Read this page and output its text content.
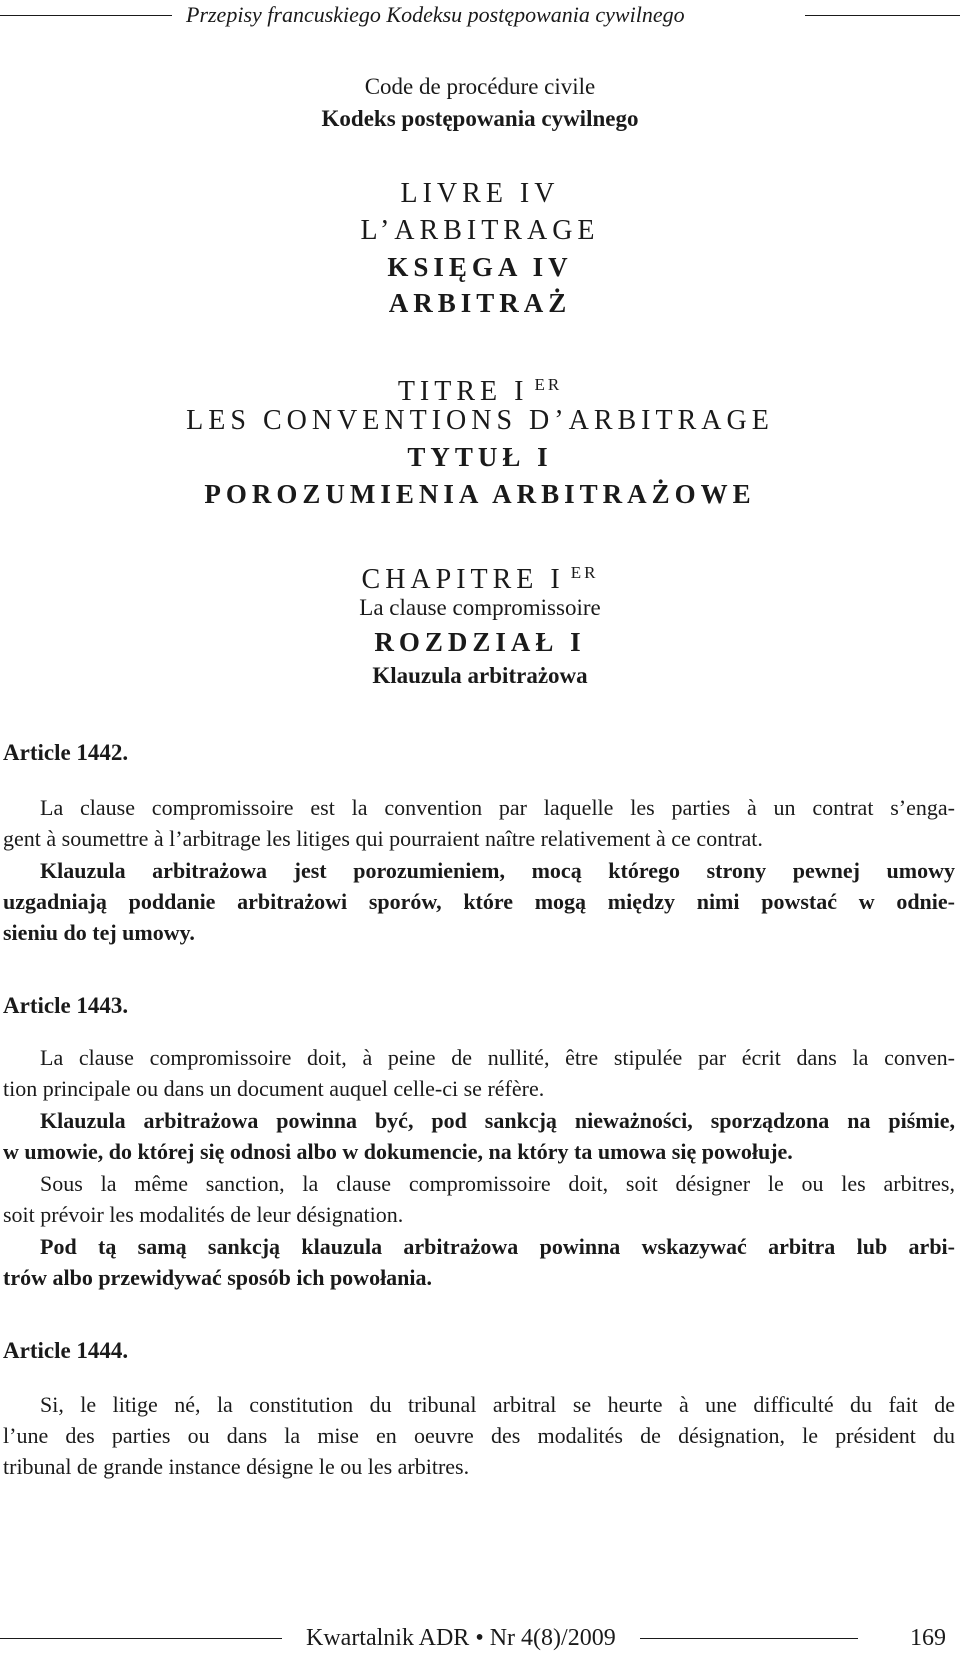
Przepisy francuskiego Kodeksu postępowania cywilnego
Code de procédure civile
Kodeks postępowania cywilnego
LIVRE IV
L’ARBITRAGE
KSIĘGA IV
ARBITRAŻ
TITRE I $^{ER}$
LES CONVENTIONS D’ARBITRAGE
TYTUŁ I
POROZUMIENIA ARBITRAŻOWE
CHAPITRE I $^{ER}$
La clause compromissoire
ROZDZIAŁ I
Klauzula arbitrażowa
Article 1442.
La clause compromissoire est la convention par laquelle les parties à un contrat s’enga-
gent à soumettre à l’arbitrage les litiges qui pourraient naître relativement à ce contrat.
Klauzula arbitrażowa jest porozumieniem, mocą którego strony pewnej umowy
uzgadniają poddanie arbitrażowi sporów, które mogą między nimi powstać w odnie-
sieniu do tej umowy.
Article 1443.
La clause compromissoire doit, à peine de nullité, être stipulée par écrit dans la conven-
tion principale ou dans un document auquel celle-ci se réfère.
Klauzula arbitrażowa powinna być, pod sankcją nieważności, sporządzona na piśmie,
w umowie, do której się odnosi albo w dokumencie, na który ta umowa się powołuje.
Sous la même sanction, la clause compromissoire doit, soit désigner le ou les arbitres,
soit prévoir les modalités de leur désignation.
Pod tą samą sankcją klauzula arbitrażowa powinna wskazywać arbitra lub arbi-
trów albo przewidywać sposób ich powołania.
Article 1444.
Si, le litige né, la constitution du tribunal arbitral se heurte à une difficulté du fait de
l’une des parties ou dans la mise en oeuvre des modalités de désignation, le président du
tribunal de grande instance désigne le ou les arbitres.
Kwartalnik ADR • Nr 4(8)/2009	169
